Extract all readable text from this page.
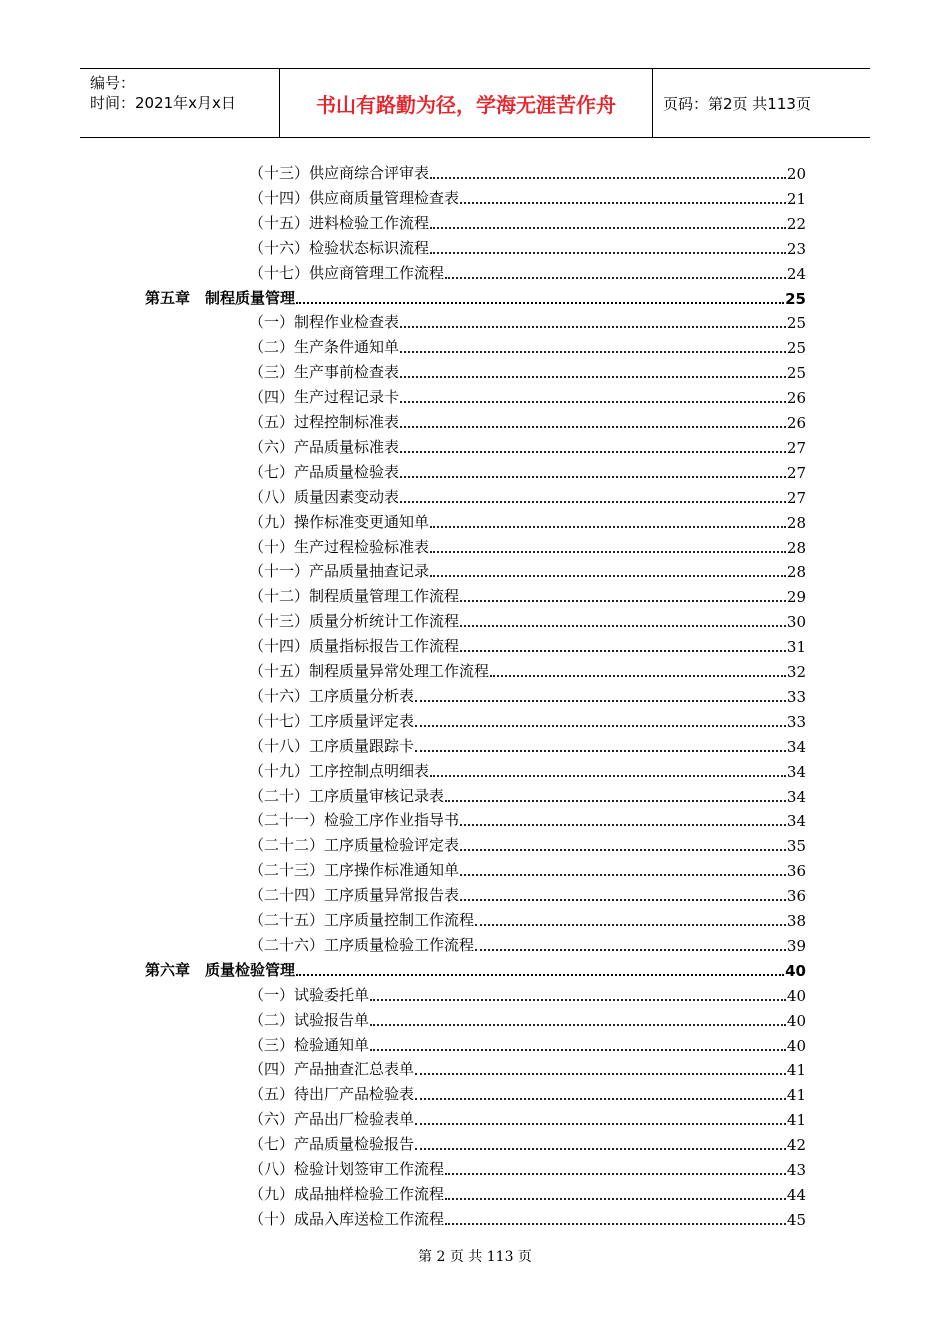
编号：
时间：2021年x月x日	书山有路勤为径，学海无涯苦作舟	页码：第2页 共113页
（十三）供应商综合评审表	20
（十四）供应商质量管理检查表	21
（十五）进料检验工作流程	22
（十六）检验状态标识流程	23
（十七）供应商管理工作流程	24
第五章　制程质量管理	25
（一）制程作业检查表	25
（二）生产条件通知单	25
（三）生产事前检查表	25
（四）生产过程记录卡	26
（五）过程控制标准表	26
（六）产品质量标准表	27
（七）产品质量检验表	27
（八）质量因素变动表	27
（九）操作标准变更通知单	28
（十）生产过程检验标准表	28
（十一）产品质量抽查记录	28
（十二）制程质量管理工作流程	29
（十三）质量分析统计工作流程	30
（十四）质量指标报告工作流程	31
（十五）制程质量异常处理工作流程	32
（十六）工序质量分析表	33
（十七）工序质量评定表	33
（十八）工序质量跟踪卡	34
（十九）工序控制点明细表	34
（二十）工序质量审核记录表	34
（二十一）检验工序作业指导书	34
（二十二）工序质量检验评定表	35
（二十三）工序操作标准通知单	36
（二十四）工序质量异常报告表	36
（二十五）工序质量控制工作流程	38
（二十六）工序质量检验工作流程	39
第六章　质量检验管理	40
（一）试验委托单	40
（二）试验报告单	40
（三）检验通知单	40
（四）产品抽查汇总表单	41
（五）待出厂产品检验表	41
（六）产品出厂检验表单	41
（七）产品质量检验报告	42
（八）检验计划签审工作流程	43
（九）成品抽样检验工作流程	44
（十）成品入库送检工作流程	45
第 2 页 共 113 页
